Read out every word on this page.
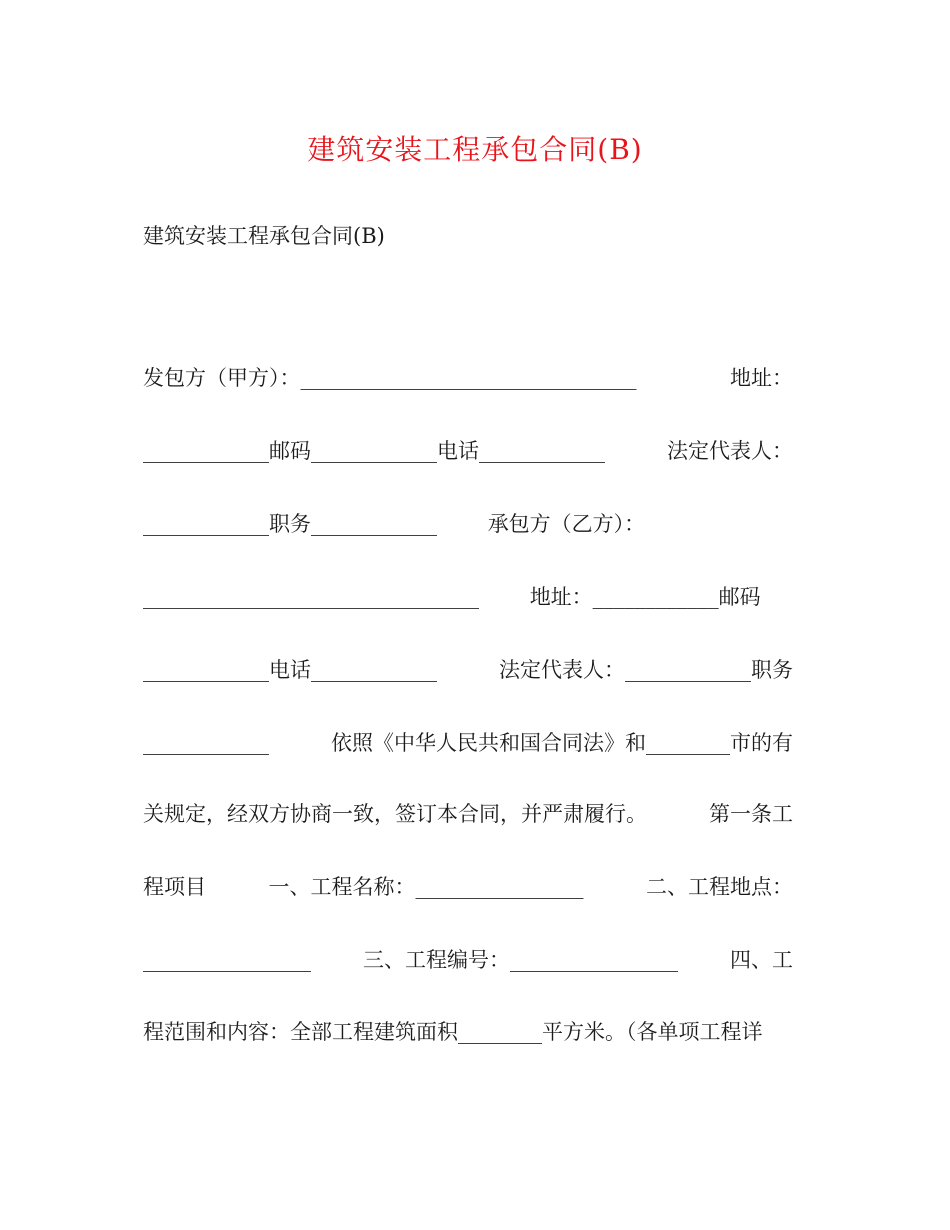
建筑安装工程承包合同(B)
建筑安装工程承包合同(B)
发包方（甲方）：________________________________	地址：
____________邮码____________电话____________	法定代表人：
____________职务____________ 承包方（乙方）：
________________________________ 地址：____________邮码
____________电话____________	法定代表人：____________职务
____________	依照《中华人民共和国合同法》和________市的有
关规定，经双方协商一致，签订本合同，并严肃履行。	第一条工
程项目	一、工程名称：________________	二、工程地点：
________________ 三、工程编号：________________ 四、工
程范围和内容：全部工程建筑面积________平方米。（各单项工程详
